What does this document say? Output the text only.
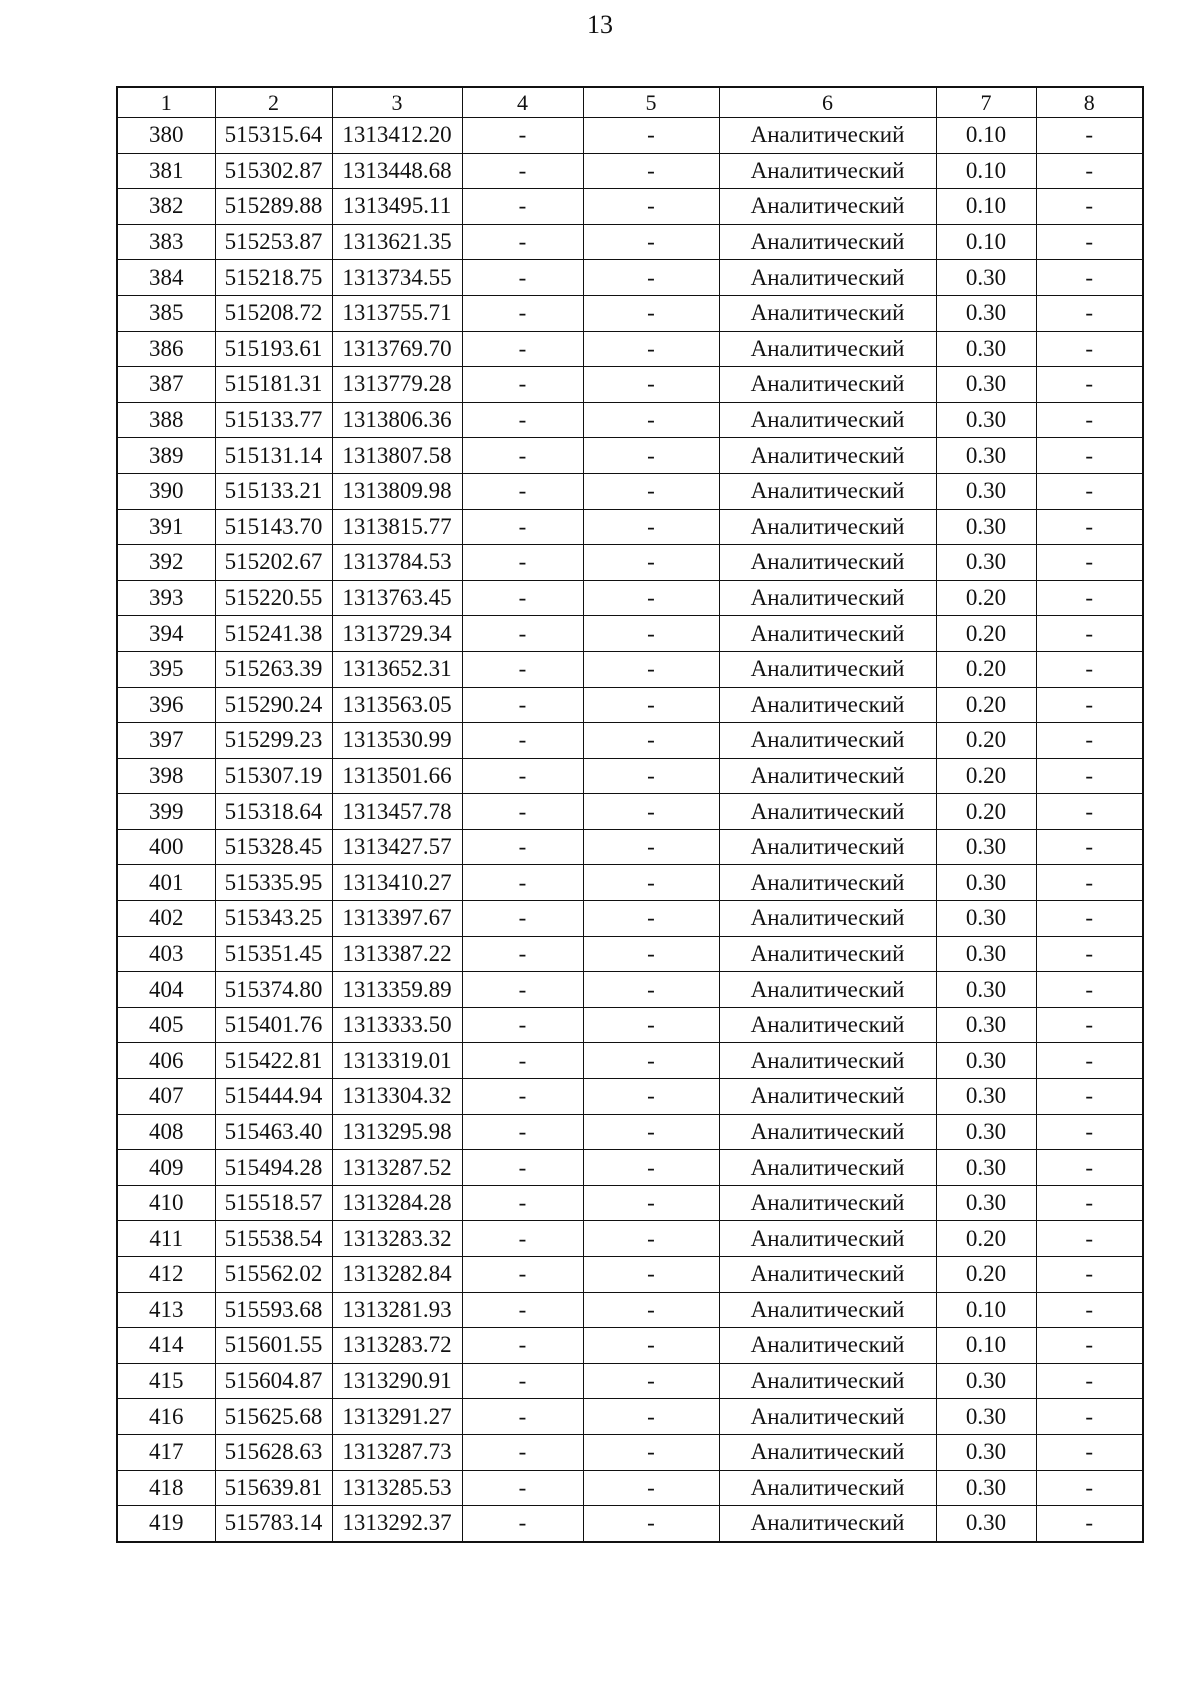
13
1	2	3	4	5	6	7	8
380	515315.64	1313412.20	-	-	Аналитический	0.10	-
381	515302.87	1313448.68	-	-	Аналитический	0.10	-
382	515289.88	1313495.11	-	-	Аналитический	0.10	-
383	515253.87	1313621.35	-	-	Аналитический	0.10	-
384	515218.75	1313734.55	-	-	Аналитический	0.30	-
385	515208.72	1313755.71	-	-	Аналитический	0.30	-
386	515193.61	1313769.70	-	-	Аналитический	0.30	-
387	515181.31	1313779.28	-	-	Аналитический	0.30	-
388	515133.77	1313806.36	-	-	Аналитический	0.30	-
389	515131.14	1313807.58	-	-	Аналитический	0.30	-
390	515133.21	1313809.98	-	-	Аналитический	0.30	-
391	515143.70	1313815.77	-	-	Аналитический	0.30	-
392	515202.67	1313784.53	-	-	Аналитический	0.30	-
393	515220.55	1313763.45	-	-	Аналитический	0.20	-
394	515241.38	1313729.34	-	-	Аналитический	0.20	-
395	515263.39	1313652.31	-	-	Аналитический	0.20	-
396	515290.24	1313563.05	-	-	Аналитический	0.20	-
397	515299.23	1313530.99	-	-	Аналитический	0.20	-
398	515307.19	1313501.66	-	-	Аналитический	0.20	-
399	515318.64	1313457.78	-	-	Аналитический	0.20	-
400	515328.45	1313427.57	-	-	Аналитический	0.30	-
401	515335.95	1313410.27	-	-	Аналитический	0.30	-
402	515343.25	1313397.67	-	-	Аналитический	0.30	-
403	515351.45	1313387.22	-	-	Аналитический	0.30	-
404	515374.80	1313359.89	-	-	Аналитический	0.30	-
405	515401.76	1313333.50	-	-	Аналитический	0.30	-
406	515422.81	1313319.01	-	-	Аналитический	0.30	-
407	515444.94	1313304.32	-	-	Аналитический	0.30	-
408	515463.40	1313295.98	-	-	Аналитический	0.30	-
409	515494.28	1313287.52	-	-	Аналитический	0.30	-
410	515518.57	1313284.28	-	-	Аналитический	0.30	-
411	515538.54	1313283.32	-	-	Аналитический	0.20	-
412	515562.02	1313282.84	-	-	Аналитический	0.20	-
413	515593.68	1313281.93	-	-	Аналитический	0.10	-
414	515601.55	1313283.72	-	-	Аналитический	0.10	-
415	515604.87	1313290.91	-	-	Аналитический	0.30	-
416	515625.68	1313291.27	-	-	Аналитический	0.30	-
417	515628.63	1313287.73	-	-	Аналитический	0.30	-
418	515639.81	1313285.53	-	-	Аналитический	0.30	-
419	515783.14	1313292.37	-	-	Аналитический	0.30	-
